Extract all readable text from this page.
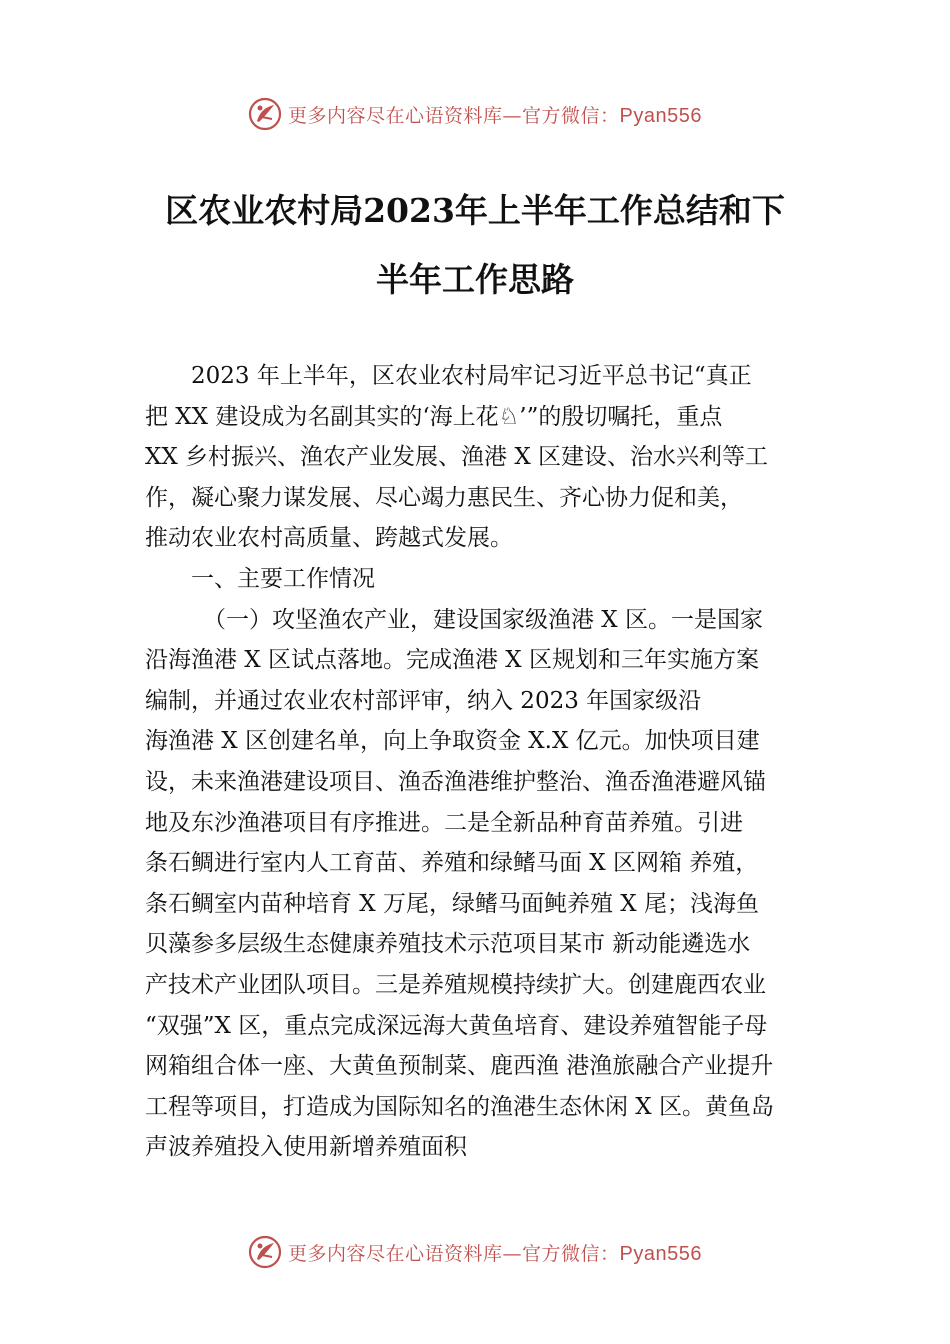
更多内容尽在心语资料库—官方微信：Pyan556
区农业农村局2023年上半年工作总结和下
半年工作思路
2023 年上半年，区农业农村局牢记习近平总书记“真正
把 XX 建设成为名副其实的‘海上花♘’”的殷切嘱托，重点
XX 乡村振兴、渔农产业发展、渔港 X 区建设、治水兴利等工
作，凝心聚力谋发展、尽心竭力惠民生、齐心协力促和美，
推动农业农村高质量、跨越式发展。
一、主要工作情况
（一）攻坚渔农产业，建设国家级渔港 X 区。一是国家
沿海渔港 X 区试点落地。完成渔港 X 区规划和三年实施方案
编制，并通过农业农村部评审，纳入 2023 年国家级沿
海渔港 X 区创建名单，向上争取资金 X.X 亿元。加快项目建
设，未来渔港建设项目、渔岙渔港维护整治、渔岙渔港避风锚
地及东沙渔港项目有序推进。二是全新品种育苗养殖。引进
条石鲷进行室内人工育苗、养殖和绿鳍马面 X 区网箱 养殖，
条石鲷室内苗种培育 X 万尾，绿鳍马面鲀养殖 X 尾；浅海鱼
贝藻参多层级生态健康养殖技术示范项目某市 新动能遴选水
产技术产业团队项目。三是养殖规模持续扩大。创建鹿西农业
“双强”X 区，重点完成深远海大黄鱼培育、建设养殖智能子母
网箱组合体一座、大黄鱼预制菜、鹿西渔 港渔旅融合产业提升
工程等项目，打造成为国际知名的渔港生态休闲 X 区。黄鱼岛
声波养殖投入使用新增养殖面积
更多内容尽在心语资料库—官方微信：Pyan556
